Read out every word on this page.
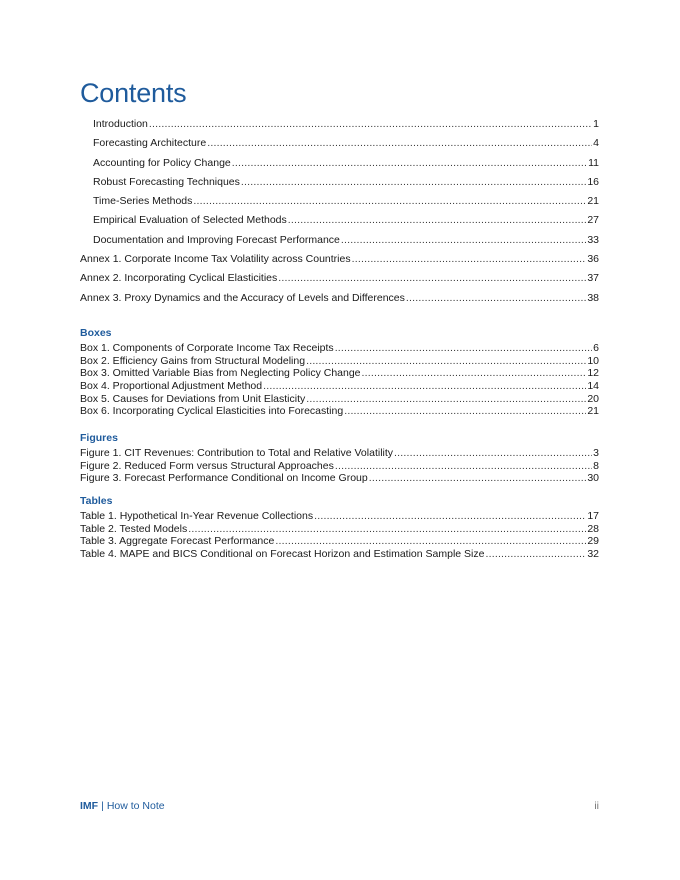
Contents
Introduction .....	1
Forecasting Architecture .....	4
Accounting for Policy Change .....	11
Robust Forecasting Techniques .....	16
Time-Series Methods .....	21
Empirical Evaluation of Selected Methods .....	27
Documentation and Improving Forecast Performance .....	33
Annex 1. Corporate Income Tax Volatility across Countries .....	36
Annex 2. Incorporating Cyclical Elasticities .....	37
Annex 3. Proxy Dynamics and the Accuracy of Levels and Differences .....	38
Boxes
Box 1. Components of Corporate Income Tax Receipts .....	6
Box 2. Efficiency Gains from Structural Modeling .....	10
Box 3. Omitted Variable Bias from Neglecting Policy Change .....	12
Box 4. Proportional Adjustment Method .....	14
Box 5. Causes for Deviations from Unit Elasticity .....	20
Box 6. Incorporating Cyclical Elasticities into Forecasting .....	21
Figures
Figure 1. CIT Revenues: Contribution to Total and Relative Volatility .....	3
Figure 2. Reduced Form versus Structural Approaches .....	8
Figure 3. Forecast Performance Conditional on Income Group .....	30
Tables
Table 1. Hypothetical In-Year Revenue Collections .....	17
Table 2. Tested Models .....	28
Table 3. Aggregate Forecast Performance .....	29
Table 4. MAPE and BICS Conditional on Forecast Horizon and Estimation Sample Size .....	32
IMF | How to Note	ii
